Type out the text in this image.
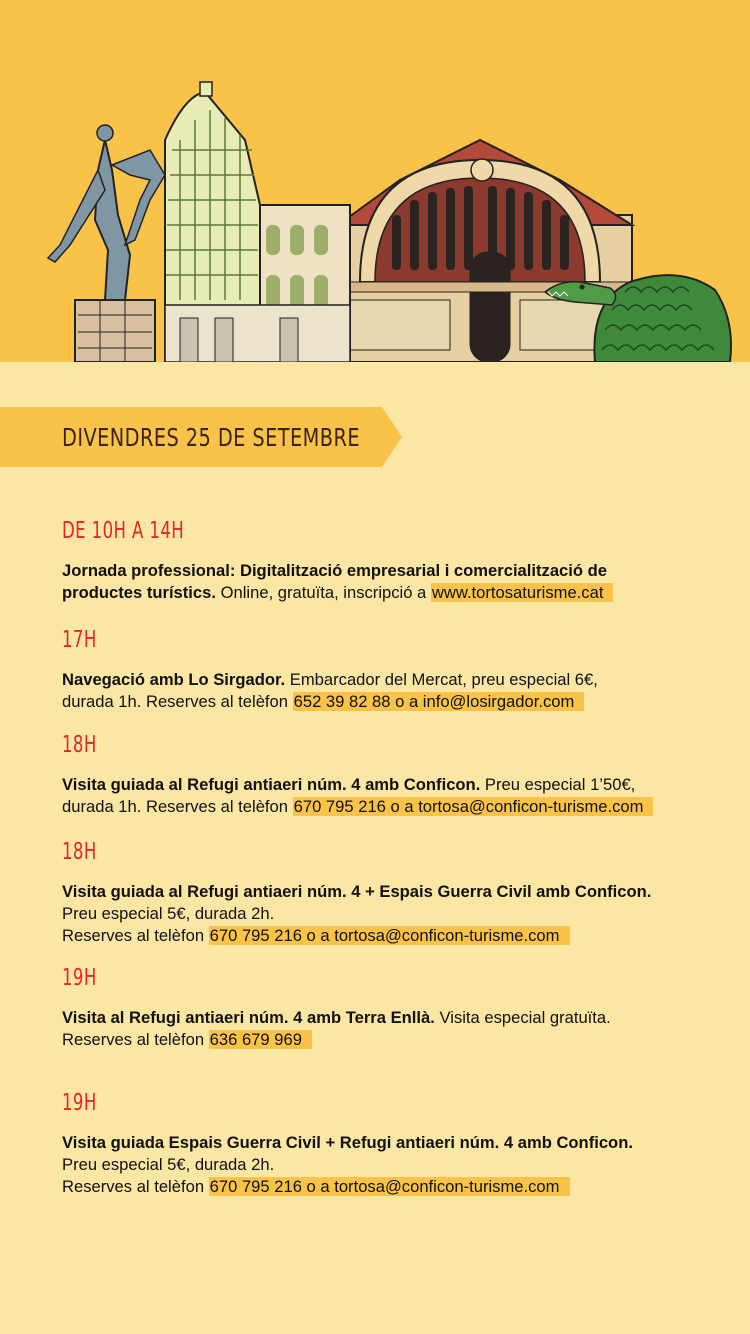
DIVENDRES 25 DE SETEMBRE
DE 10H A 14H
Jornada professional: Digitalització empresarial i comercialització de
productes turístics. Online, gratuïta, inscripció a www.tortosaturisme.cat
17H
Navegació amb Lo Sirgador. Embarcador del Mercat, preu especial 6€,
durada 1h. Reserves al telèfon 652 39 82 88 o a info@losirgador.com
18H
Visita guiada al Refugi antiaeri núm. 4 amb Conficon. Preu especial 1’50€,
durada 1h. Reserves al telèfon 670 795 216 o a tortosa@conficon-turisme.com
18H
Visita guiada al Refugi antiaeri núm. 4 + Espais Guerra Civil amb Conficon.
Preu especial 5€, durada 2h.
Reserves al telèfon 670 795 216 o a tortosa@conficon-turisme.com
19H
Visita al Refugi antiaeri núm. 4 amb Terra Enllà. Visita especial gratuïta.
Reserves al telèfon 636 679 969
19H
Visita guiada Espais Guerra Civil + Refugi antiaeri núm. 4 amb Conficon.
Preu especial 5€, durada 2h.
Reserves al telèfon 670 795 216 o a tortosa@conficon-turisme.com
